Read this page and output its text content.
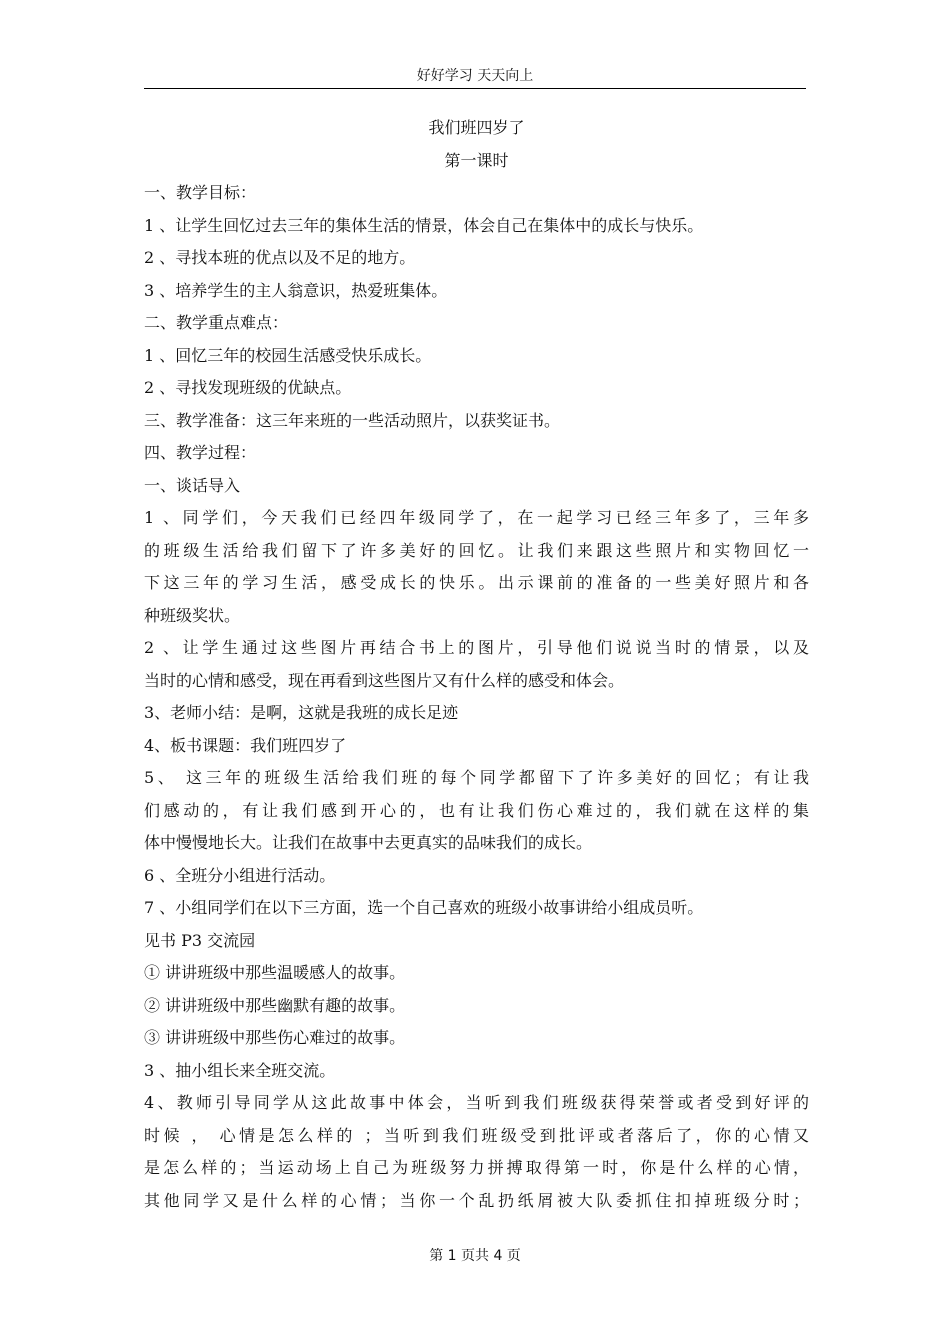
好好学习 天天向上
我们班四岁了
第一课时
一、教学目标：
1 、让学生回忆过去三年的集体生活的情景，体会自己在集体中的成长与快乐。
2 、寻找本班的优点以及不足的地方。
3 、培养学生的主人翁意识，热爱班集体。
二、教学重点难点：
1 、回忆三年的校园生活感受快乐成长。
2 、寻找发现班级的优缺点。
三、教学准备：这三年来班的一些活动照片，以获奖证书。
四、教学过程：
一、谈话导入
1 、同学们，今天我们已经四年级同学了，在一起学习已经三年多了，三年多
的班级生活给我们留下了许多美好的回忆。让我们来跟这些照片和实物回忆一
下这三年的学习生活，感受成长的快乐。出示课前的准备的一些美好照片和各
种班级奖状。
2 、让学生通过这些图片再结合书上的图片，引导他们说说当时的情景，以及
当时的心情和感受，现在再看到这些图片又有什么样的感受和体会。
3、老师小结：是啊，这就是我班的成长足迹
4、板书课题：我们班四岁了
5、 这三年的班级生活给我们班的每个同学都留下了许多美好的回忆；有让我
们感动的，有让我们感到开心的，也有让我们伤心难过的，我们就在这样的集
体中慢慢地长大。让我们在故事中去更真实的品味我们的成长。
6 、全班分小组进行活动。
7 、小组同学们在以下三方面，选一个自己喜欢的班级小故事讲给小组成员听。
见书 P3 交流园
① 讲讲班级中那些温暖感人的故事。
② 讲讲班级中那些幽默有趣的故事。
③ 讲讲班级中那些伤心难过的故事。
3 、抽小组长来全班交流。
4、教师引导同学从这此故事中体会，当听到我们班级获得荣誉或者受到好评的
时候 ， 心情是怎么样的 ；当听到我们班级受到批评或者落后了，你的心情又
是怎么样的；当运动场上自己为班级努力拼搏取得第一时，你是什么样的心情，
其他同学又是什么样的心情；当你一个乱扔纸屑被大队委抓住扣掉班级分时；
第 1 页共 4 页
